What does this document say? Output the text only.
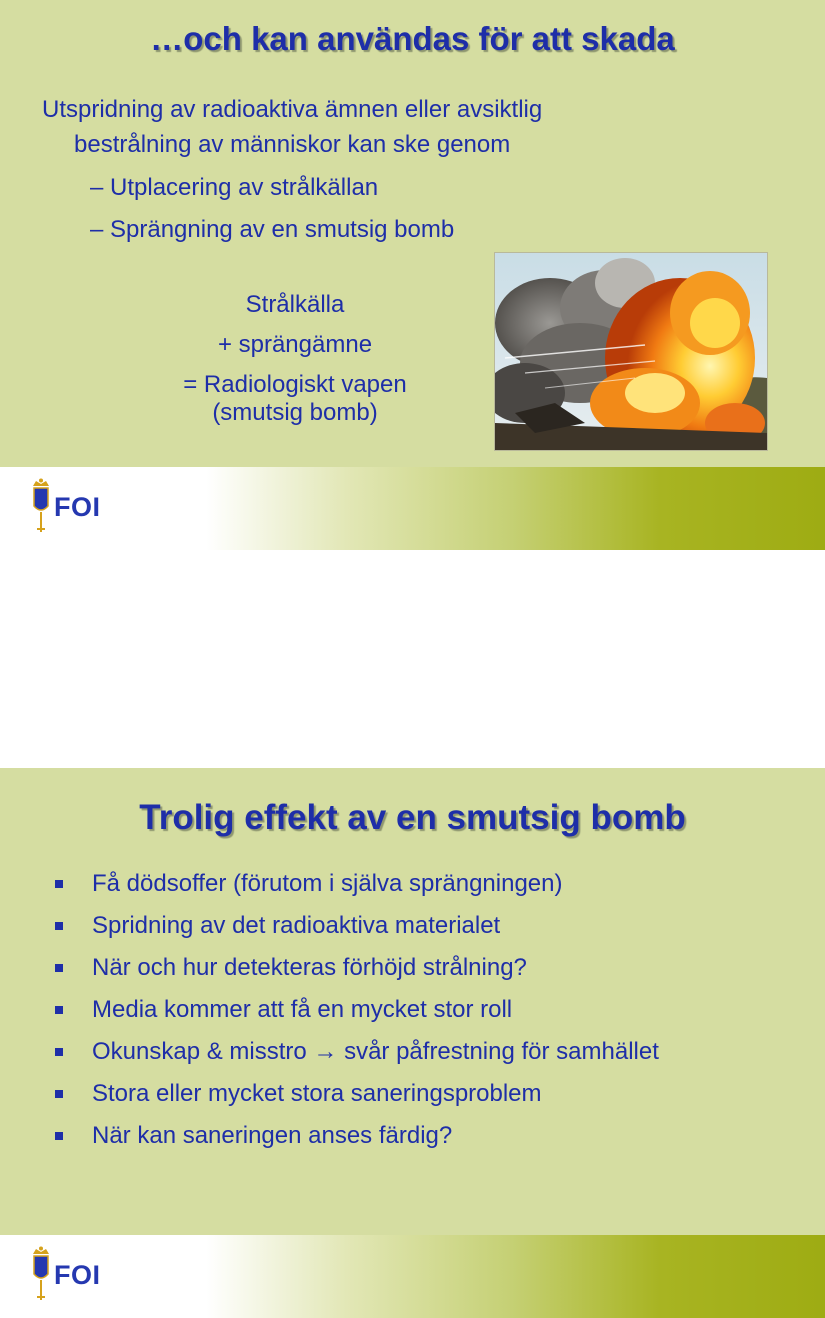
…och kan användas för att skada
Utspridning av radioaktiva ämnen eller avsiktlig
bestrålning av människor kan ske genom
– Utplacering av strålkällan
– Sprängning av en smutsig bomb
Strålkälla
+ sprängämne
= Radiologiskt vapen
(smutsig bomb)
FOI
Trolig effekt av en smutsig bomb
Få dödsoffer (förutom i själva sprängningen)
Spridning av det radioaktiva materialet
När och hur detekteras förhöjd strålning?
Media kommer att få en mycket stor roll
Okunskap & misstro → svår påfrestning för samhället
Stora eller mycket stora saneringsproblem
När kan saneringen anses färdig?
FOI
